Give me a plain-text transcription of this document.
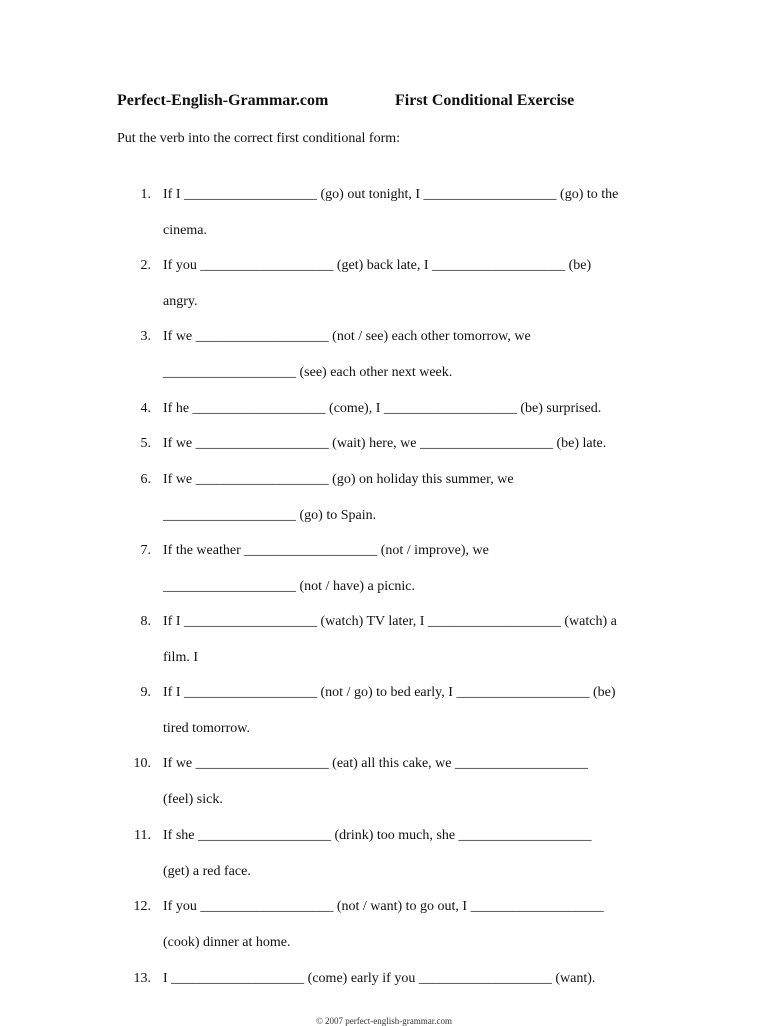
Perfect-English-Grammar.com	First Conditional Exercise
Put the verb into the correct first conditional form:
1. If I ___________________ (go) out tonight, I ___________________ (go) to the
cinema.
2. If you ___________________ (get) back late, I ___________________ (be)
angry.
3. If we ___________________ (not / see) each other tomorrow, we
___________________ (see) each other next week.
4. If he ___________________ (come), I ___________________ (be) surprised.
5. If we ___________________ (wait) here, we ___________________ (be) late.
6. If we ___________________ (go) on holiday this summer, we
___________________ (go) to Spain.
7. If the weather ___________________ (not / improve), we
___________________ (not / have) a picnic.
8. If I ___________________ (watch) TV later, I ___________________ (watch) a
film. I
9. If I ___________________ (not / go) to bed early, I ___________________ (be)
tired tomorrow.
10. If we ___________________ (eat) all this cake, we ___________________
(feel) sick.
11. If she ___________________ (drink) too much, she ___________________
(get) a red face.
12. If you ___________________ (not / want) to go out, I ___________________
(cook) dinner at home.
13. I ___________________ (come) early if you ___________________ (want).
© 2007 perfect-english-grammar.com
